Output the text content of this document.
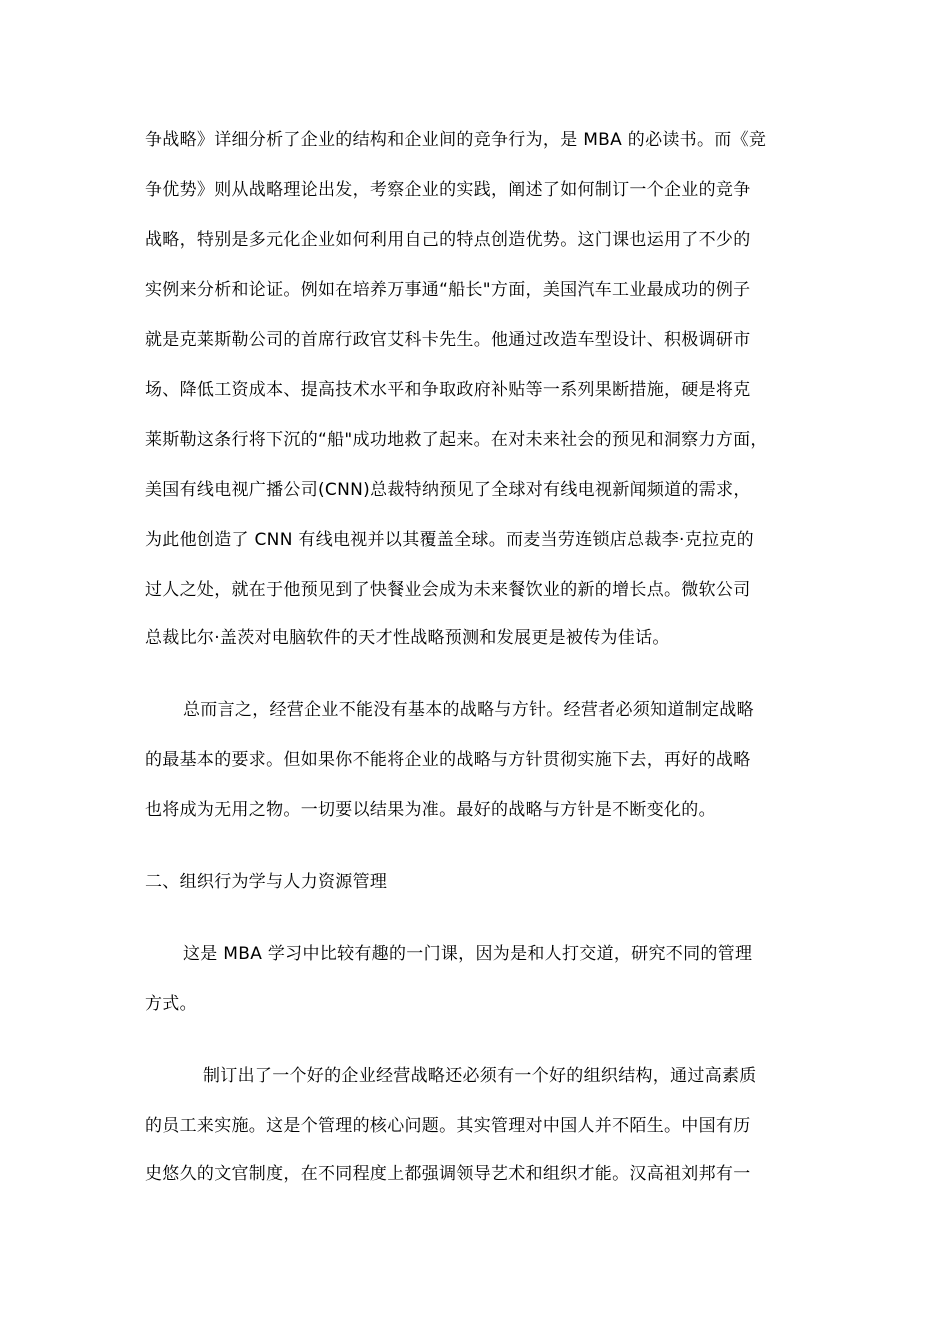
争战略》详细分析了企业的结构和企业间的竞争行为，是 MBA 的必读书。而《竞
争优势》则从战略理论出发，考察企业的实践，阐述了如何制订一个企业的竞争
战略，特别是多元化企业如何利用自己的特点创造优势。这门课也运用了不少的
实例来分析和论证。例如在培养万事通“船长"方面，美国汽车工业最成功的例子
就是克莱斯勒公司的首席行政官艾科卡先生。他通过改造车型设计、积极调研市
场、降低工资成本、提高技术水平和争取政府补贴等一系列果断措施，硬是将克
莱斯勒这条行将下沉的“船"成功地救了起来。在对未来社会的预见和洞察力方面，
美国有线电视广播公司(CNN)总裁特纳预见了全球对有线电视新闻频道的需求，
为此他创造了 CNN 有线电视并以其覆盖全球。而麦当劳连锁店总裁李·克拉克的
过人之处，就在于他预见到了快餐业会成为未来餐饮业的新的增长点。微软公司
总裁比尔·盖茨对电脑软件的天才性战略预测和发展更是被传为佳话。
总而言之，经营企业不能没有基本的战略与方针。经营者必须知道制定战略
的最基本的要求。但如果你不能将企业的战略与方针贯彻实施下去，再好的战略
也将成为无用之物。一切要以结果为准。最好的战略与方针是不断变化的。
二、组织行为学与人力资源管理
这是 MBA 学习中比较有趣的一门课，因为是和人打交道，研究不同的管理
方式。
制订出了一个好的企业经营战略还必须有一个好的组织结构，通过高素质
的员工来实施。这是个管理的核心问题。其实管理对中国人并不陌生。中国有历
史悠久的文官制度，在不同程度上都强调领导艺术和组织才能。汉高祖刘邦有一
